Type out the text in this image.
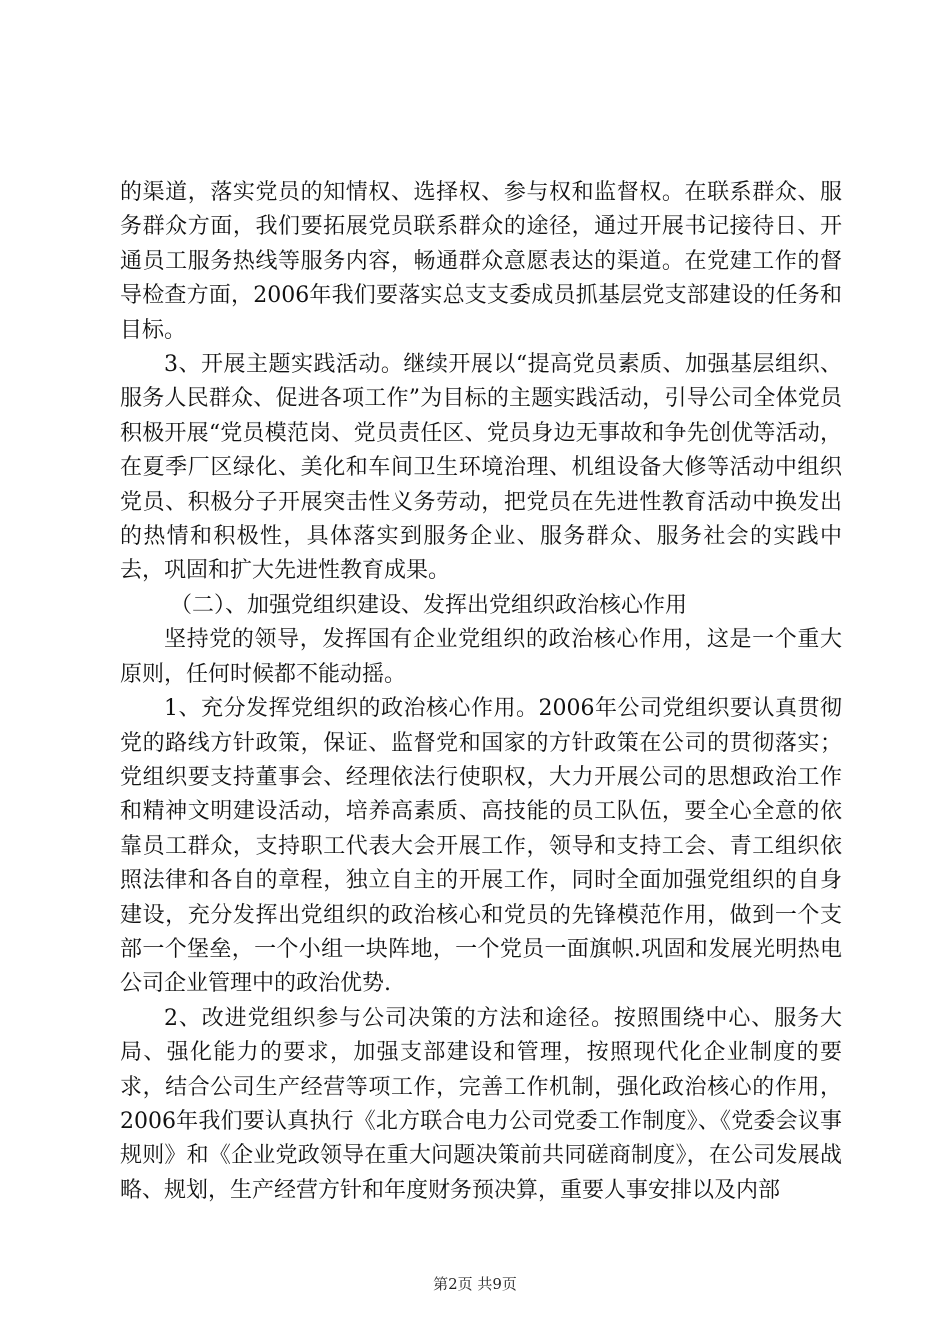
的渠道，落实党员的知情权、选择权、参与权和监督权。在联系群众、服务群众方面，我们要拓展党员联系群众的途径，通过开展书记接待日、开通员工服务热线等服务内容，畅通群众意愿表达的渠道。在党建工作的督导检查方面，2006年我们要落实总支支委成员抓基层党支部建设的任务和目标。

3、开展主题实践活动。继续开展以“提高党员素质、加强基层组织、服务人民群众、促进各项工作”为目标的主题实践活动，引导公司全体党员积极开展“党员模范岗、党员责任区、党员身边无事故和争先创优等活动，在夏季厂区绿化、美化和车间卫生环境治理、机组设备大修等活动中组织党员、积极分子开展突击性义务劳动，把党员在先进性教育活动中换发出的热情和积极性，具体落实到服务企业、服务群众、服务社会的实践中去，巩固和扩大先进性教育成果。

（二）、加强党组织建设、发挥出党组织政治核心作用

坚持党的领导，发挥国有企业党组织的政治核心作用，这是一个重大原则，任何时候都不能动摇。

1、充分发挥党组织的政治核心作用。2006年公司党组织要认真贯彻党的路线方针政策，保证、监督党和国家的方针政策在公司的贯彻落实；党组织要支持董事会、经理依法行使职权，大力开展公司的思想政治工作和精神文明建设活动，培养高素质、高技能的员工队伍，要全心全意的依靠员工群众，支持职工代表大会开展工作，领导和支持工会、青工组织依照法律和各自的章程，独立自主的开展工作，同时全面加强党组织的自身建设，充分发挥出党组织的政治核心和党员的先锋模范作用，做到一个支部一个堡垒，一个小组一块阵地，一个党员一面旗帜.巩固和发展光明热电公司企业管理中的政治优势.

2、改进党组织参与公司决策的方法和途径。按照围绕中心、服务大局、强化能力的要求，加强支部建设和管理，按照现代化企业制度的要求，结合公司生产经营等项工作，完善工作机制，强化政治核心的作用，2006年我们要认真执行《北方联合电力公司党委工作制度》、《党委会议事规则》和《企业党政领导在重大问题决策前共同磋商制度》，在公司发展战略、规划，生产经营方针和年度财务预决算，重要人事安排以及内部

第2页 共9页
